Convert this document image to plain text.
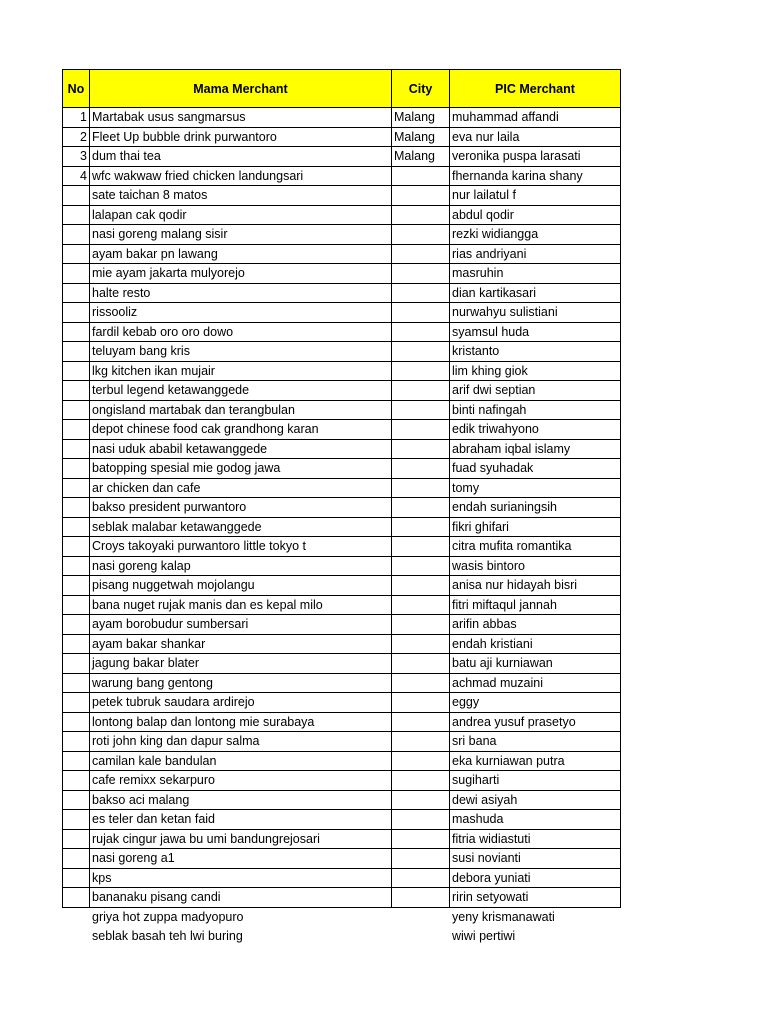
No	Mama Merchant	City	PIC Merchant
1	Martabak usus sangmarsus	Malang	muhammad affandi
2	Fleet Up bubble drink purwantoro	Malang	eva nur laila
3	dum thai tea	Malang	veronika puspa larasati
4	wfc wakwaw fried chicken landungsari		fhernanda karina shany
	sate taichan 8 matos		nur lailatul f
	lalapan cak qodir		abdul qodir
	nasi goreng malang sisir		rezki widiangga
	ayam bakar pn lawang		rias andriyani
	mie ayam jakarta mulyorejo		masruhin
	halte resto		dian kartikasari
	rissooliz		nurwahyu sulistiani
	fardil kebab oro oro dowo		syamsul huda
	teluyam bang kris		kristanto
	lkg kitchen ikan mujair		lim khing giok
	terbul legend ketawanggede		arif dwi septian
	ongisland martabak dan terangbulan		binti nafingah
	depot chinese food cak grandhong karan		edik triwahyono
	nasi uduk ababil ketawanggede		abraham iqbal islamy
	batopping spesial mie godog jawa		fuad syuhadak
	ar chicken dan cafe		tomy
	bakso president purwantoro		endah surianingsih
	seblak malabar ketawanggede		fikri ghifari
	Croys takoyaki purwantoro little tokyo t		citra mufita romantika
	nasi goreng kalap		wasis bintoro
	pisang nuggetwah mojolangu		anisa nur hidayah bisri
	bana nuget rujak manis dan es kepal milo		fitri miftaqul jannah
	ayam borobudur sumbersari		arifin abbas
	ayam bakar shankar		endah kristiani
	jagung bakar blater		batu aji kurniawan
	warung bang gentong		achmad muzaini
	petek tubruk saudara ardirejo		eggy
	lontong balap dan lontong mie surabaya		andrea yusuf prasetyo
	roti john king dan dapur salma		sri bana
	camilan kale bandulan		eka kurniawan putra
	cafe remixx sekarpuro		sugiharti
	bakso aci malang		dewi asiyah
	es teler dan ketan faid		mashuda
	rujak cingur jawa bu umi bandungrejosari		fitria widiastuti
	nasi goreng a1		susi novianti
	kps		debora yuniati
	bananaku pisang candi		ririn setyowati
	griya hot zuppa madyopuro		yeny krismanawati
	seblak basah teh lwi buring		wiwi pertiwi
